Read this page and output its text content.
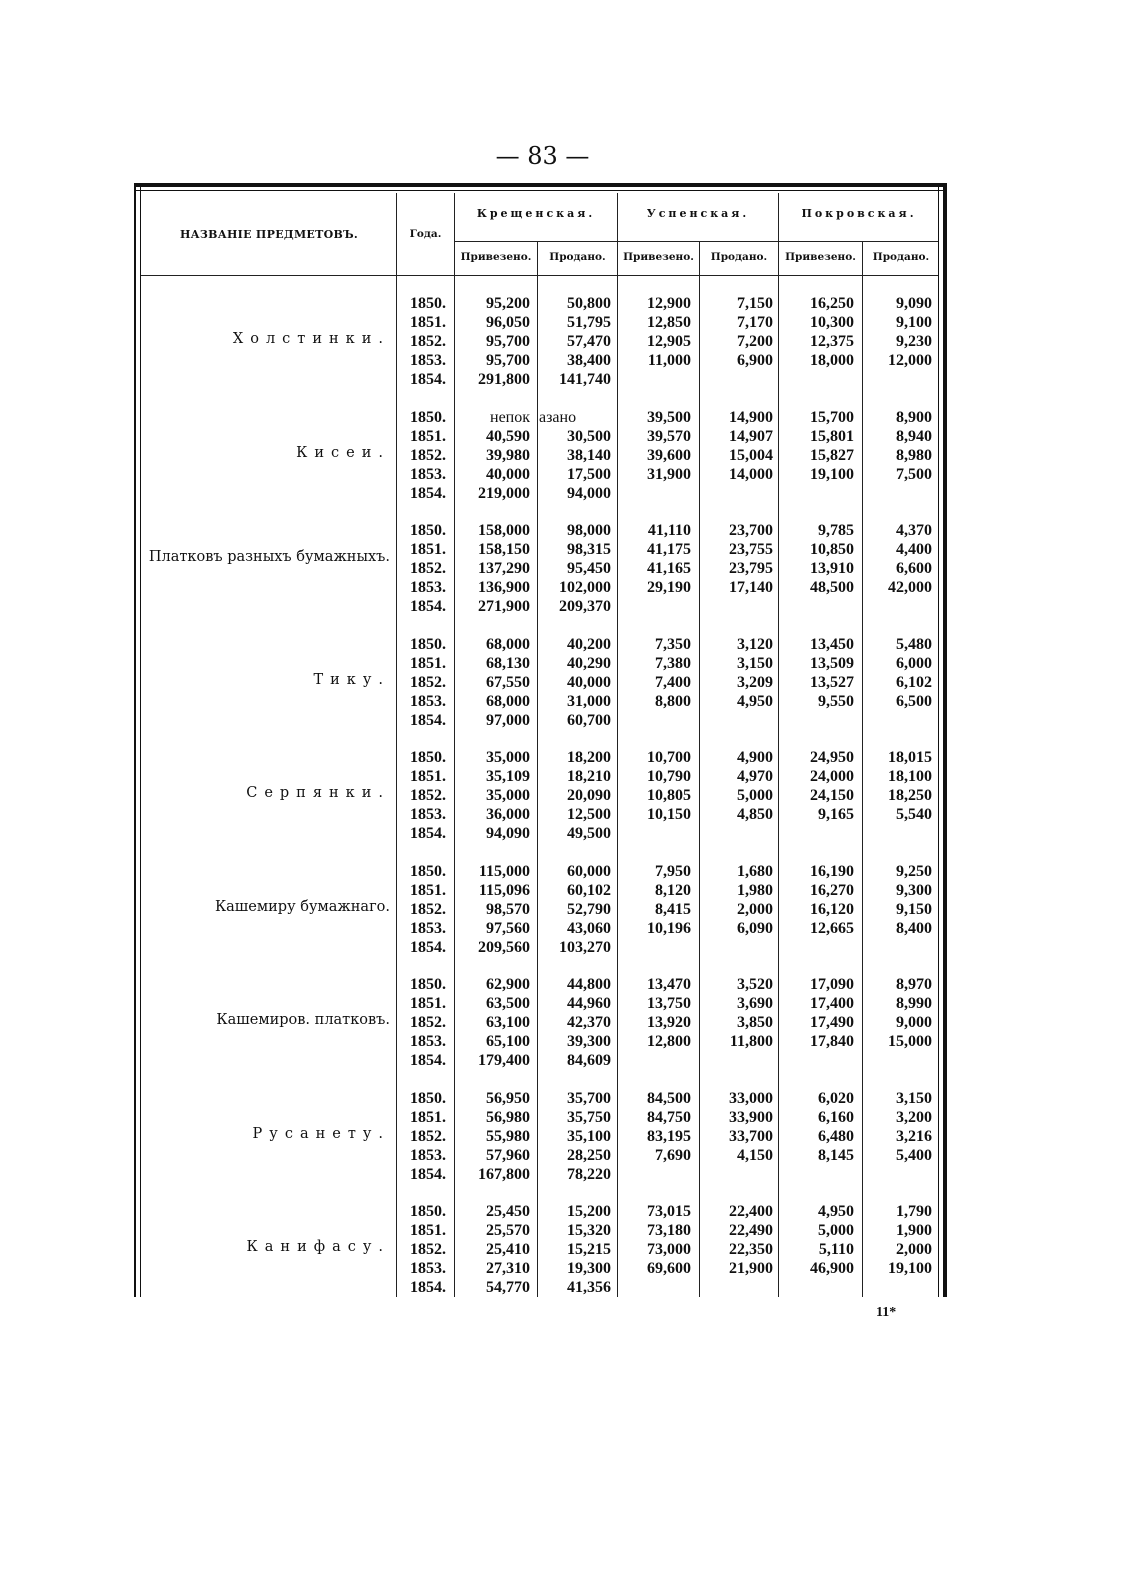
— 83 —
НАЗВАНІЕ ПРЕДМЕТОВЪ.	Года.
Крещенская.	Успенская.	Покровская.
Привезено.	Продано.	Привезено.	Продано.	Привезено.	Продано.
Холстинки.
1850.	95,200	50,800	12,900	7,150	16,250	9,090
1851.	96,050	51,795	12,850	7,170	10,300	9,100
1852.	95,700	57,470	12,905	7,200	12,375	9,230
1853.	95,700	38,400	11,000	6,900	18,000	12,000
1854.	291,800	141,740
Кисеи.
1850.	непок азано	39,500	14,900	15,700	8,900
1851.	40,590	30,500	39,570	14,907	15,801	8,940
1852.	39,980	38,140	39,600	15,004	15,827	8,980
1853.	40,000	17,500	31,900	14,000	19,100	7,500
1854.	219,000	94,000
Платковъ разныхъ бумажныхъ.
1850.	158,000	98,000	41,110	23,700	9,785	4,370
1851.	158,150	98,315	41,175	23,755	10,850	4,400
1852.	137,290	95,450	41,165	23,795	13,910	6,600
1853.	136,900	102,000	29,190	17,140	48,500	42,000
1854.	271,900	209,370
Тику.
1850.	68,000	40,200	7,350	3,120	13,450	5,480
1851.	68,130	40,290	7,380	3,150	13,509	6,000
1852.	67,550	40,000	7,400	3,209	13,527	6,102
1853.	68,000	31,000	8,800	4,950	9,550	6,500
1854.	97,000	60,700
Серпянки.
1850.	35,000	18,200	10,700	4,900	24,950	18,015
1851.	35,109	18,210	10,790	4,970	24,000	18,100
1852.	35,000	20,090	10,805	5,000	24,150	18,250
1853.	36,000	12,500	10,150	4,850	9,165	5,540
1854.	94,090	49,500
Кашемиру бумажнаго.
1850.	115,000	60,000	7,950	1,680	16,190	9,250
1851.	115,096	60,102	8,120	1,980	16,270	9,300
1852.	98,570	52,790	8,415	2,000	16,120	9,150
1853.	97,560	43,060	10,196	6,090	12,665	8,400
1854.	209,560	103,270
Кашемиров. платковъ.
1850.	62,900	44,800	13,470	3,520	17,090	8,970
1851.	63,500	44,960	13,750	3,690	17,400	8,990
1852.	63,100	42,370	13,920	3,850	17,490	9,000
1853.	65,100	39,300	12,800	11,800	17,840	15,000
1854.	179,400	84,609
Русанету.
1850.	56,950	35,700	84,500	33,000	6,020	3,150
1851.	56,980	35,750	84,750	33,900	6,160	3,200
1852.	55,980	35,100	83,195	33,700	6,480	3,216
1853.	57,960	28,250	7,690	4,150	8,145	5,400
1854.	167,800	78,220
Канифасу.
1850.	25,450	15,200	73,015	22,400	4,950	1,790
1851.	25,570	15,320	73,180	22,490	5,000	1,900
1852.	25,410	15,215	73,000	22,350	5,110	2,000
1853.	27,310	19,300	69,600	21,900	46,900	19,100
1854.	54,770	41,356
11*
